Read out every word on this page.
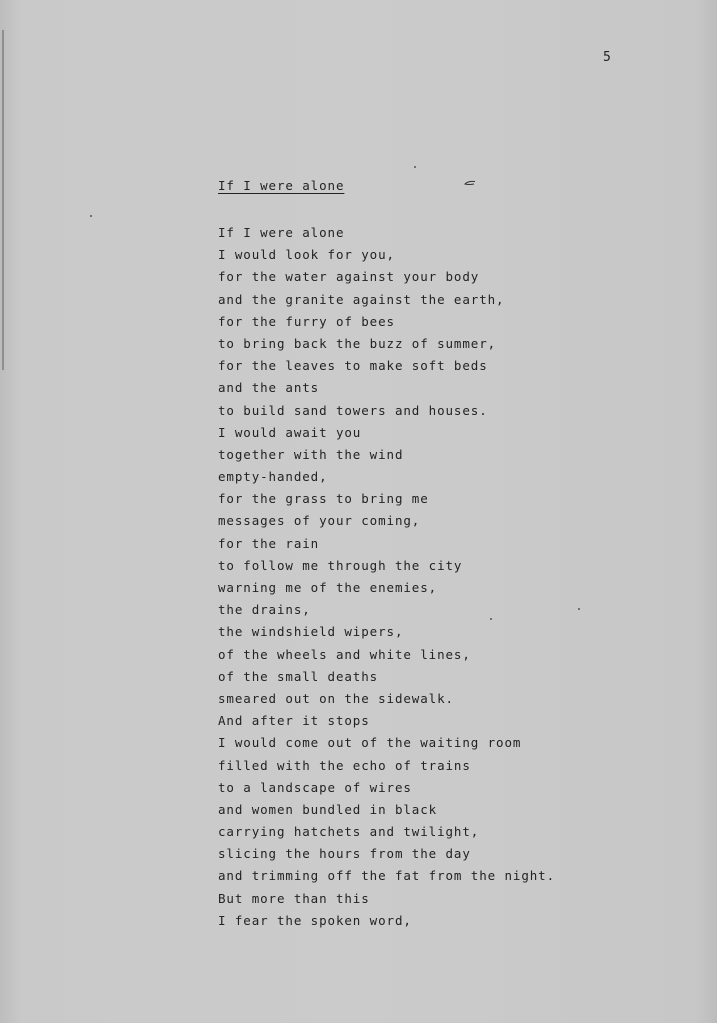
5
If I were alone
If I were alone
I would look for you,
for the water against your body
and the granite against the earth,
for the furry of bees
to bring back the buzz of summer,
for the leaves to make soft beds
and the ants
to build sand towers and houses.
I would await you
together with the wind
empty-handed,
for the grass to bring me
messages of your coming,
for the rain
to follow me through the city
warning me of the enemies,
the drains,
the windshield wipers,
of the wheels and white lines,
of the small deaths
smeared out on the sidewalk.
And after it stops
I would come out of the waiting room
filled with the echo of trains
to a landscape of wires
and women bundled in black
carrying hatchets and twilight,
slicing the hours from the day
and trimming off the fat from the night.
But more than this
I fear the spoken word,
